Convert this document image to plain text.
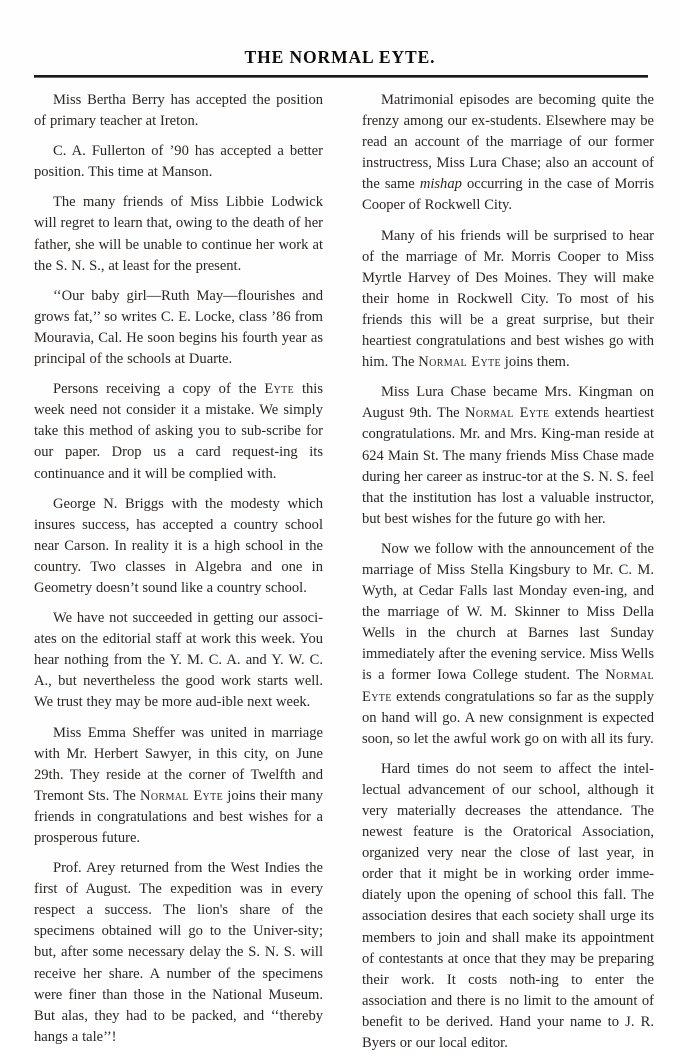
THE NORMAL EYTE.

Miss Bertha Berry has accepted the position of primary teacher at Ireton.

C. A. Fullerton of ’90 has accepted a better position. This time at Manson.

The many friends of Miss Libbie Lodwick will regret to learn that, owing to the death of her father, she will be unable to continue her work at the S. N. S., at least for the present.

‘‘Our baby girl—Ruth May—flourishes and grows fat,’’ so writes C. E. Locke, class ’86 from Mouravia, Cal. He soon begins his fourth year as principal of the schools at Duarte.

Persons receiving a copy of the Eyte this week need not consider it a mistake. We simply take this method of asking you to sub-scribe for our paper. Drop us a card request-ing its continuance and it will be complied with.

George N. Briggs with the modesty which insures success, has accepted a country school near Carson. In reality it is a high school in the country. Two classes in Algebra and one in Geometry doesn’t sound like a country school.

We have not succeeded in getting our associ-ates on the editorial staff at work this week. You hear nothing from the Y. M. C. A. and Y. W. C. A., but nevertheless the good work starts well. We trust they may be more aud-ible next week.

Miss Emma Sheffer was united in marriage with Mr. Herbert Sawyer, in this city, on June 29th. They reside at the corner of Twelfth and Tremont Sts. The Normal Eyte joins their many friends in congratulations and best wishes for a prosperous future.

Prof. Arey returned from the West Indies the first of August. The expedition was in every respect a success. The lion's share of the specimens obtained will go to the Univer-sity; but, after some necessary delay the S. N. S. will receive her share. A number of the specimens were finer than those in the National Museum. But alas, they had to be packed, and ‘‘thereby hangs a tale’’!

Matrimonial episodes are becoming quite the frenzy among our ex-students. Elsewhere may be read an account of the marriage of our former instructress, Miss Lura Chase; also an account of the same mishap occurring in the case of Morris Cooper of Rockwell City.

Many of his friends will be surprised to hear of the marriage of Mr. Morris Cooper to Miss Myrtle Harvey of Des Moines. They will make their home in Rockwell City. To most of his friends this will be a great surprise, but their heartiest congratulations and best wishes go with him. The Normal Eyte joins them.

Miss Lura Chase became Mrs. Kingman on August 9th. The Normal Eyte extends heartiest congratulations. Mr. and Mrs. King-man reside at 624 Main St. The many friends Miss Chase made during her career as instruc-tor at the S. N. S. feel that the institution has lost a valuable instructor, but best wishes for the future go with her.

Now we follow with the announcement of the marriage of Miss Stella Kingsbury to Mr. C. M. Wyth, at Cedar Falls last Monday even-ing, and the marriage of W. M. Skinner to Miss Della Wells in the church at Barnes last Sunday immediately after the evening service. Miss Wells is a former Iowa College student. The Normal Eyte extends congratulations so far as the supply on hand will go. A new consignment is expected soon, so let the awful work go on with all its fury.

Hard times do not seem to affect the intel-lectual advancement of our school, although it very materially decreases the attendance. The newest feature is the Oratorical Association, organized very near the close of last year, in order that it might be in working order imme-diately upon the opening of school this fall. The association desires that each society shall urge its members to join and shall make its appointment of contestants at once that they may be preparing their work. It costs noth-ing to enter the association and there is no limit to the amount of benefit to be derived. Hand your name to J. R. Byers or our local editor.
